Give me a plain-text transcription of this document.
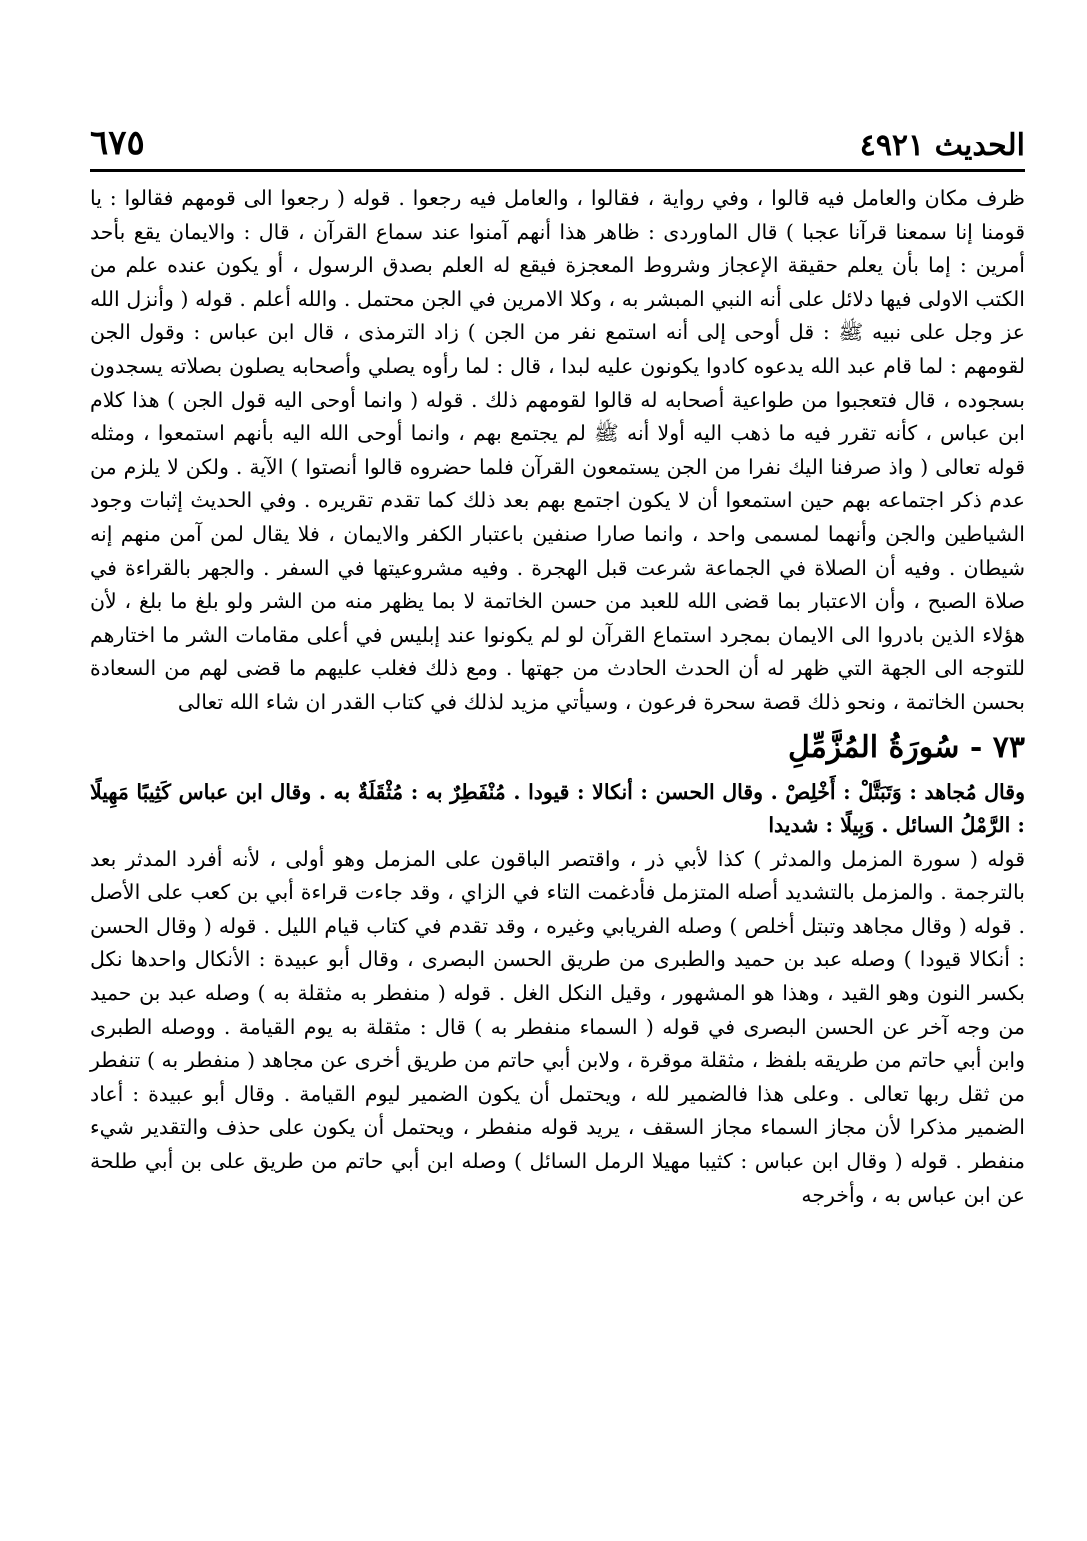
الحديث ٤٩٢١
٦٧٥

ظرف مكان والعامل فيه قالوا ، وفي رواية ، فقالوا ، والعامل فيه رجعوا . قوله ( رجعوا الى قومهم فقالوا : يا قومنا إنا سمعنا قرآنا عجبا ) قال الماوردى : ظاهر هذا أنهم آمنوا عند سماع القرآن ، قال : والايمان يقع بأحد أمرين : إما بأن يعلم حقيقة الإعجاز وشروط المعجزة فيقع له العلم بصدق الرسول ، أو يكون عنده علم من الكتب الاولى فيها دلائل على أنه النبي المبشر به ، وكلا الامرين في الجن محتمل . والله أعلم . قوله ( وأنزل الله عز وجل على نبيه ﷺ : قل أوحى إلى أنه استمع نفر من الجن ) زاد الترمذى ، قال ابن عباس : وقول الجن لقومهم : لما قام عبد الله يدعوه كادوا يكونون عليه لبدا ، قال : لما رأوه يصلي وأصحابه يصلون بصلاته يسجدون بسجوده ، قال فتعجبوا من طواعية أصحابه له قالوا لقومهم ذلك . قوله ( وانما أوحى اليه قول الجن ) هذا كلام ابن عباس ، كأنه تقرر فيه ما ذهب اليه أولا أنه ﷺ لم يجتمع بهم ، وانما أوحى الله اليه بأنهم استمعوا ، ومثله قوله تعالى ( واذ صرفنا اليك نفرا من الجن يستمعون القرآن فلما حضروه قالوا أنصتوا ) الآية . ولكن لا يلزم من عدم ذكر اجتماعه بهم حين استمعوا أن لا يكون اجتمع بهم بعد ذلك كما تقدم تقريره . وفي الحديث إثبات وجود الشياطين والجن وأنهما لمسمى واحد ، وانما صارا صنفين باعتبار الكفر والايمان ، فلا يقال لمن آمن منهم إنه شيطان . وفيه أن الصلاة في الجماعة شرعت قبل الهجرة . وفيه مشروعيتها في السفر . والجهر بالقراءة في صلاة الصبح ، وأن الاعتبار بما قضى الله للعبد من حسن الخاتمة لا بما يظهر منه من الشر ولو بلغ ما بلغ ، لأن هؤلاء الذين بادروا الى الايمان بمجرد استماع القرآن لو لم يكونوا عند إبليس في أعلى مقامات الشر ما اختارهم للتوجه الى الجهة التي ظهر له أن الحدث الحادث من جهتها . ومع ذلك فغلب عليهم ما قضى لهم من السعادة بحسن الخاتمة ، ونحو ذلك قصة سحرة فرعون ، وسيأتي مزيد لذلك في كتاب القدر ان شاء الله تعالى

٧٣ - سُورَةُ المُزَّمِّلِ

وقال مُجاهد : وَتَبَتَّلْ : أَخْلِصْ . وقال الحسن : أنكالا : قيودا . مُنْفَطِرٌ به : مُثْقَلَةٌ به . وقال ابن عباس كَثِيبًا مَهِيلًا : الرَّمْلُ السائل . وَبِيلًا : شديدا

قوله ( سورة المزمل والمدثر ) كذا لأبي ذر ، واقتصر الباقون على المزمل وهو أولى ، لأنه أفرد المدثر بعد بالترجمة . والمزمل بالتشديد أصله المتزمل فأدغمت التاء في الزاي ، وقد جاءت قراءة أبي بن كعب على الأصل . قوله ( وقال مجاهد وتبتل أخلص ) وصله الفريابي وغيره ، وقد تقدم في كتاب قيام الليل . قوله ( وقال الحسن : أنكالا قيودا ) وصله عبد بن حميد والطبرى من طريق الحسن البصرى ، وقال أبو عبيدة : الأنكال واحدها نكل بكسر النون وهو القيد ، وهذا هو المشهور ، وقيل النكل الغل . قوله ( منفطر به مثقلة به ) وصله عبد بن حميد من وجه آخر عن الحسن البصرى في قوله ( السماء منفطر به ) قال : مثقلة به يوم القيامة . ووصله الطبرى وابن أبي حاتم من طريقه بلفظ ، مثقلة موقرة ، ولابن أبي حاتم من طريق أخرى عن مجاهد ( منفطر به ) تنفطر من ثقل ربها تعالى . وعلى هذا فالضمير لله ، ويحتمل أن يكون الضمير ليوم القيامة . وقال أبو عبيدة : أعاد الضمير مذكرا لأن مجاز السماء مجاز السقف ، يريد قوله منفطر ، ويحتمل أن يكون على حذف والتقدير شيء منفطر . قوله ( وقال ابن عباس : كثيبا مهيلا الرمل السائل ) وصله ابن أبي حاتم من طريق على بن أبي طلحة عن ابن عباس به ، وأخرجه
